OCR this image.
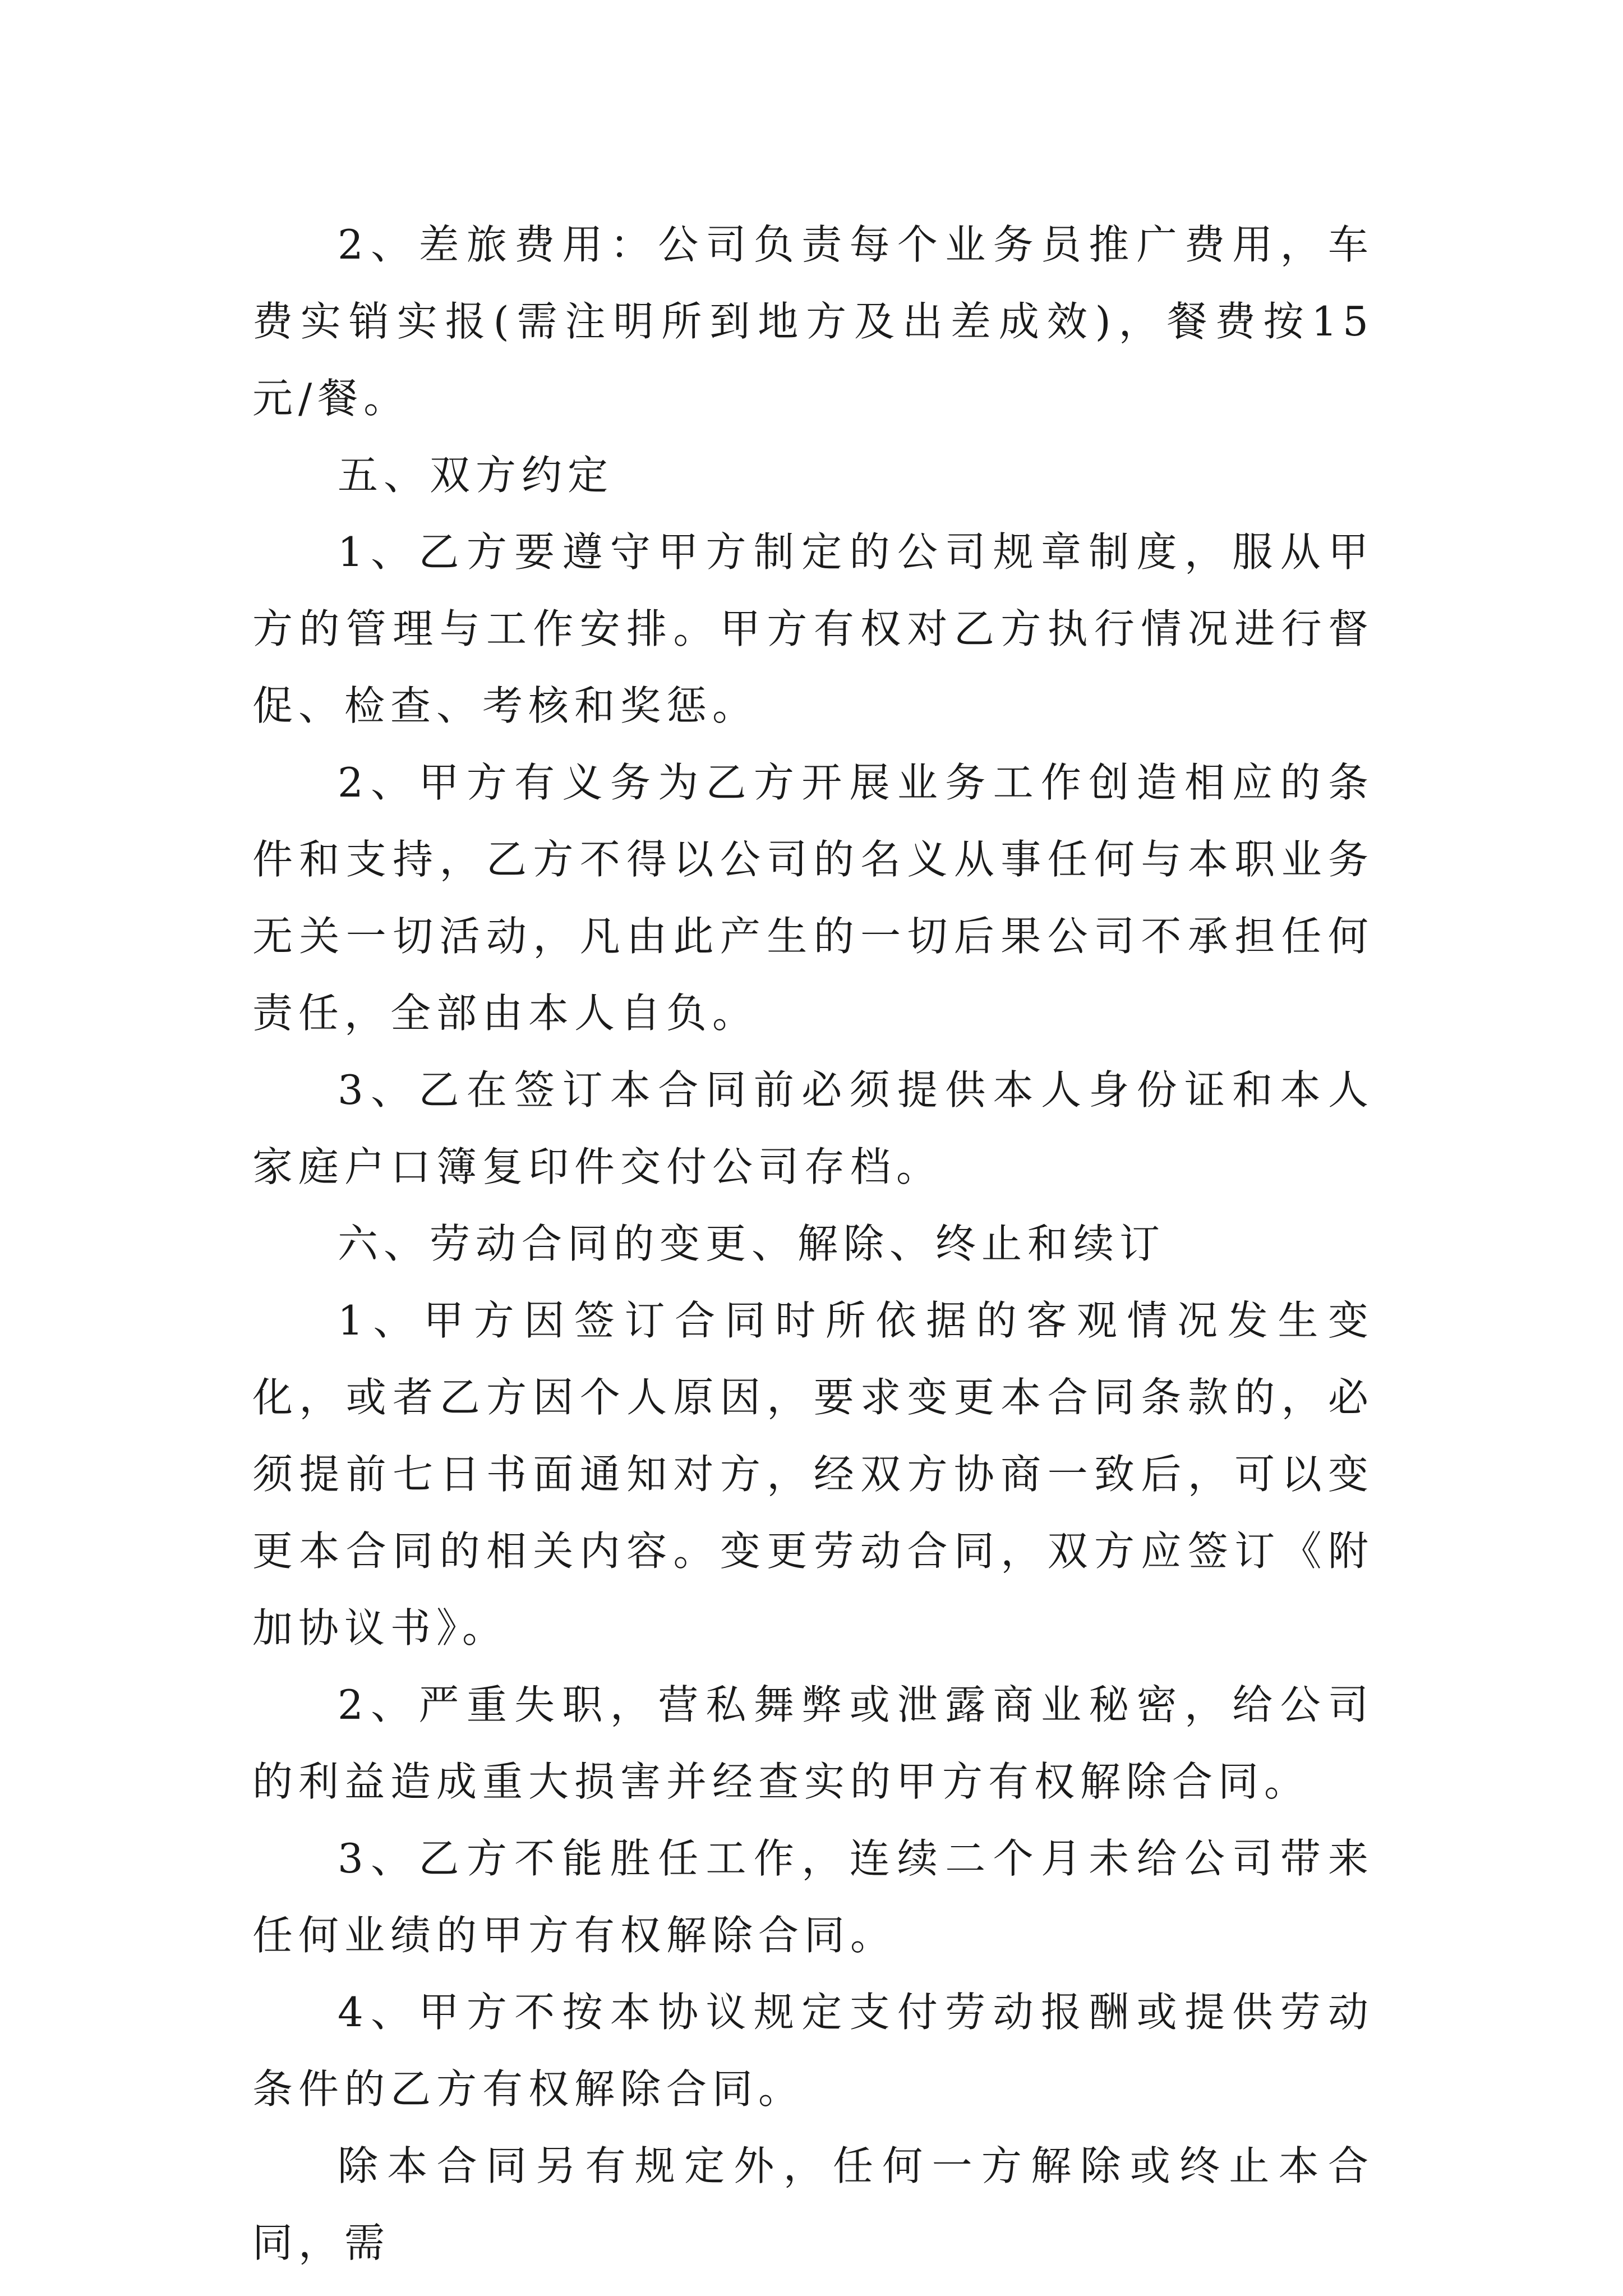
2、差旅费用：公司负责每个业务员推广费用，车费实销实报(需注明所到地方及出差成效)，餐费按15元/餐。

五、双方约定

1、乙方要遵守甲方制定的公司规章制度，服从甲方的管理与工作安排。甲方有权对乙方执行情况进行督促、检查、考核和奖惩。

2、甲方有义务为乙方开展业务工作创造相应的条件和支持，乙方不得以公司的名义从事任何与本职业务无关一切活动，凡由此产生的一切后果公司不承担任何责任，全部由本人自负。

3、乙在签订本合同前必须提供本人身份证和本人家庭户口簿复印件交付公司存档。

六、劳动合同的变更、解除、终止和续订

1、甲方因签订合同时所依据的客观情况发生变化，或者乙方因个人原因，要求变更本合同条款的，必须提前七日书面通知对方，经双方协商一致后，可以变更本合同的相关内容。变更劳动合同，双方应签订《附加协议书》。

2、严重失职，营私舞弊或泄露商业秘密，给公司的利益造成重大损害并经查实的甲方有权解除合同。

3、乙方不能胜任工作，连续二个月未给公司带来任何业绩的甲方有权解除合同。

4、甲方不按本协议规定支付劳动报酬或提供劳动条件的乙方有权解除合同。

除本合同另有规定外，任何一方解除或终止本合同，需
